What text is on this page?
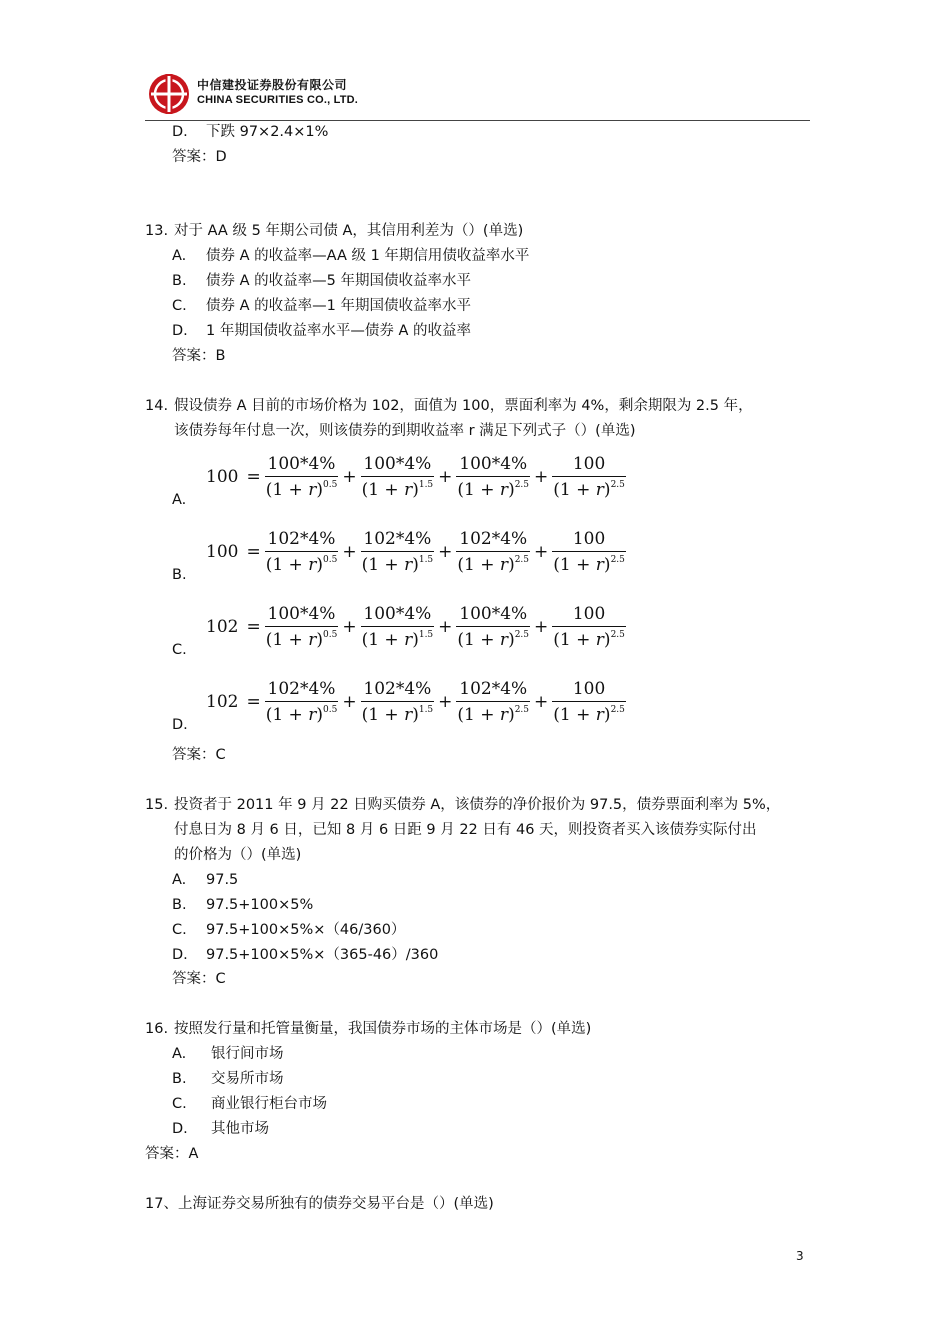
中信建投证券股份有限公司
CHINA SECURITIES CO., LTD.
D. 下跌 97×2.4×1%
答案：D
13. 对于 AA 级 5 年期公司债 A，其信用利差为（）(单选)
A. 债券 A 的收益率—AA 级 1 年期信用债收益率水平
B. 债券 A 的收益率—5 年期国债收益率水平
C. 债券 A 的收益率—1 年期国债收益率水平
D. 1 年期国债收益率水平—债券 A 的收益率
答案：B
14. 假设债券 A 目前的市场价格为 102，面值为 100，票面利率为 4%，剩余期限为 2.5 年，
该债券每年付息一次，则该债券的到期收益率 r 满足下列式子（）(单选)
A.
$100 = \frac{100*4\%}{(1 + r)^{0.5}} + \frac{100*4\%}{(1 + r)^{1.5}} + \frac{100*4\%}{(1 + r)^{2.5}} + \frac{100}{(1 + r)^{2.5}}$
B.
$100 = \frac{102*4\%}{(1 + r)^{0.5}} + \frac{102*4\%}{(1 + r)^{1.5}} + \frac{102*4\%}{(1 + r)^{2.5}} + \frac{100}{(1 + r)^{2.5}}$
C.
$102 = \frac{100*4\%}{(1 + r)^{0.5}} + \frac{100*4\%}{(1 + r)^{1.5}} + \frac{100*4\%}{(1 + r)^{2.5}} + \frac{100}{(1 + r)^{2.5}}$
D.
$102 = \frac{102*4\%}{(1 + r)^{0.5}} + \frac{102*4\%}{(1 + r)^{1.5}} + \frac{102*4\%}{(1 + r)^{2.5}} + \frac{100}{(1 + r)^{2.5}}$
答案：C
15. 投资者于 2011 年 9 月 22 日购买债券 A，该债券的净价报价为 97.5，债券票面利率为 5%，
付息日为 8 月 6 日，已知 8 月 6 日距 9 月 22 日有 46 天，则投资者买入该债券实际付出
的价格为（）(单选)
A. 97.5
B. 97.5+100×5%
C. 97.5+100×5%×（46/360）
D. 97.5+100×5%×（365-46）/360
答案：C
16. 按照发行量和托管量衡量，我国债券市场的主体市场是（）(单选)
A. 银行间市场
B. 交易所市场
C. 商业银行柜台市场
D. 其他市场
答案：A
17、上海证券交易所独有的债券交易平台是（）(单选)
3
